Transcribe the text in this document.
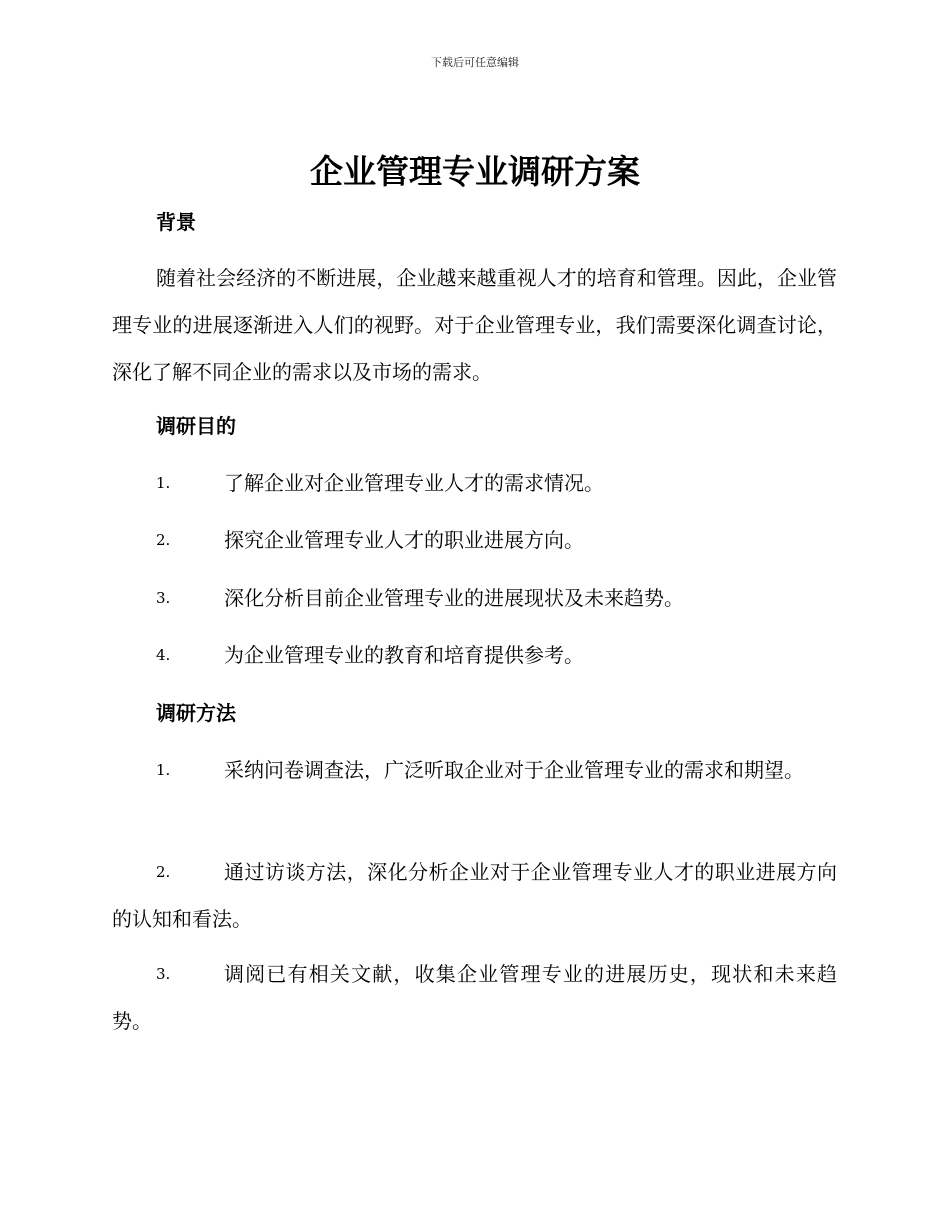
下载后可任意编辑
企业管理专业调研方案
背景
随着社会经济的不断进展，企业越来越重视人才的培育和管理。因此，企业管理专业的进展逐渐进入人们的视野。对于企业管理专业，我们需要深化调查讨论，深化了解不同企业的需求以及市场的需求。
调研目的
1.	了解企业对企业管理专业人才的需求情况。
2.	探究企业管理专业人才的职业进展方向。
3.	深化分析目前企业管理专业的进展现状及未来趋势。
4.	为企业管理专业的教育和培育提供参考。
调研方法
1.	采纳问卷调查法，广泛听取企业对于企业管理专业的需求和期望。
2.	通过访谈方法，深化分析企业对于企业管理专业人才的职业进展方向的认知和看法。
3.	调阅已有相关文献，收集企业管理专业的进展历史，现状和未来趋势。
